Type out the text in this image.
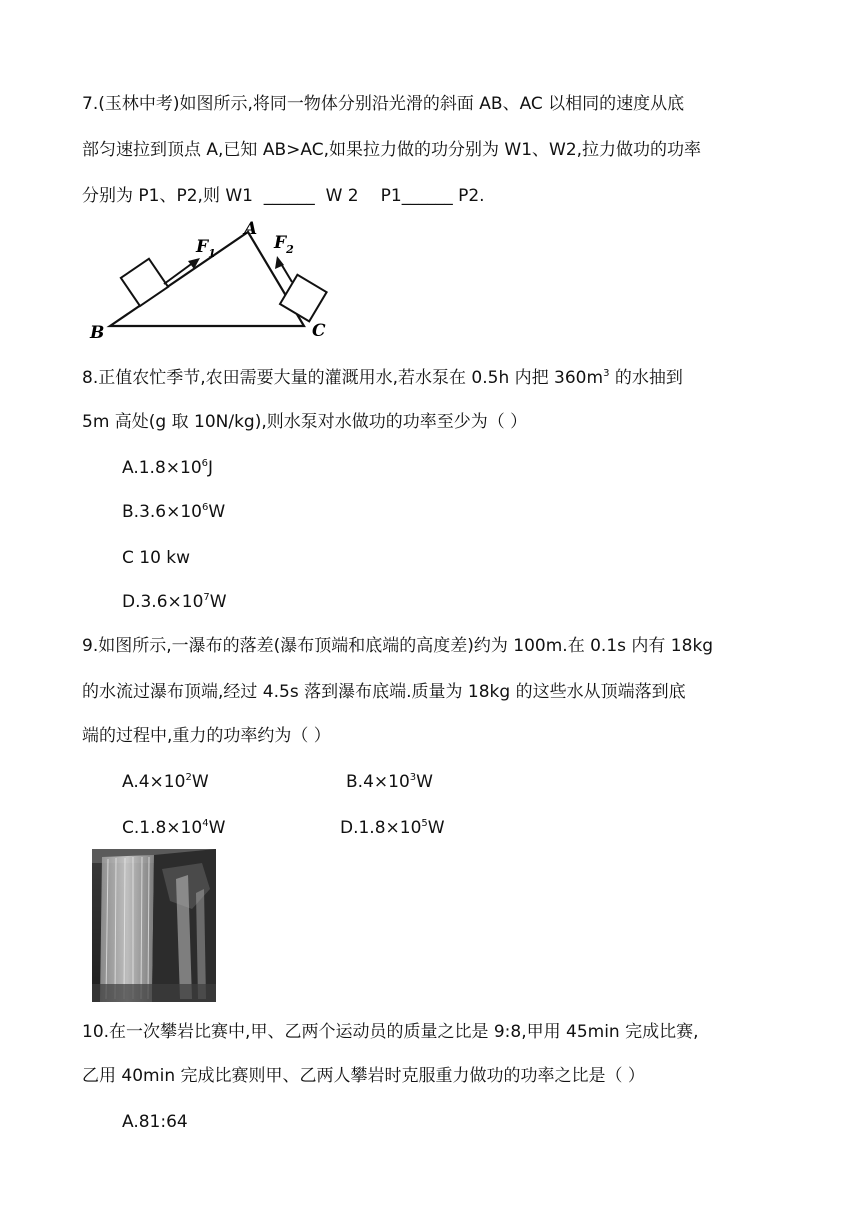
7.(玉林中考)如图所示,将同一物体分别沿光滑的斜面 AB、AC 以相同的速度从底
部匀速拉到顶点 A,已知 AB>AC,如果拉力做的功分别为 W1、W2,拉力做功的功率
分别为 P1、P2,则 W1  ______  W 2 P1______ P2.
A
B	C
$F_1$
$F_2$
8.正值农忙季节,农田需要大量的灌溉用水,若水泵在 0.5h 内把 $360m^3$ 的水抽到
5m 高处(g 取 10N/kg),则水泵对水做功的功率至少为（ ）
$A.1.8\times 10^6J$
$B.3.6\times 10^6W$
C 10 kw
$D.3.6\times 10^7W$
9.如图所示,一瀑布的落差(瀑布顶端和底端的高度差)约为 100m.在 0.1s 内有 18kg
的水流过瀑布顶端,经过 4.5s 落到瀑布底端.质量为 18kg 的这些水从顶端落到底
端的过程中,重力的功率约为（ ）
$A.4\times 10^2W$	$B.4\times 10^3W$
$C.1.8\times 10^4W$	$D.1.8\times 10^5W$
10.在一次攀岩比赛中,甲、乙两个运动员的质量之比是 9:8,甲用 45min 完成比赛,
乙用 40min 完成比赛则甲、乙两人攀岩时克服重力做功的功率之比是（ ）
A.81:64
